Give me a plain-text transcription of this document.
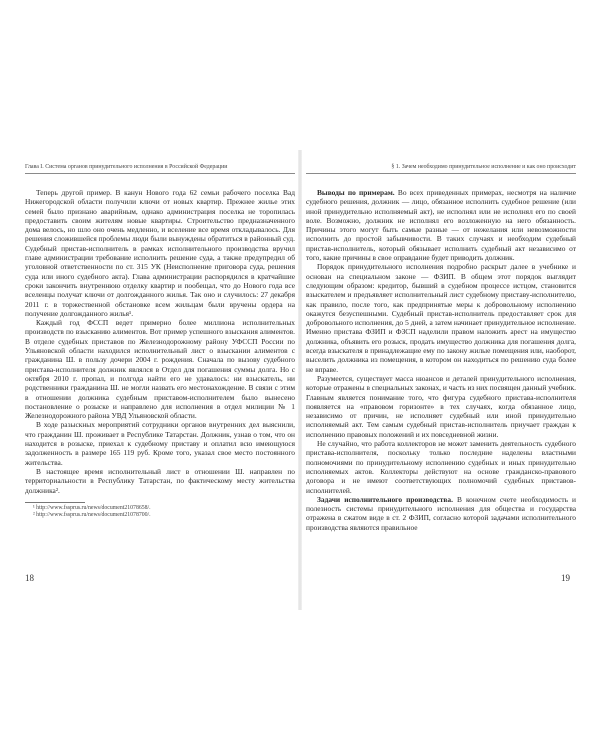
Глава I. Система органов принудительного исполнения в Российской Федерации

Теперь другой пример. В канун Нового года 62 семьи рабочего поселка Вад Нижегородской области получили ключи от новых квартир. Прежнее жилье этих семей было признано аварийным, однако администрация поселка не торопилась предоставить своим жителям новые квартиры. Строительство предназначенного дома велось, но шло оно очень медленно, и вселение все время откладывалось. Для решения сложившейся проблемы люди были вынуждены обратиться в районный суд. Судебный пристав-исполнитель в рамках исполнительного производства вручил главе администрации требование исполнить решение суда, а также предупредил об уголовной ответственности по ст. 315 УК (Неисполнение приговора суда, решения суда или иного судебного акта). Глава администрации распорядился в кратчайшие сроки закончить внутреннюю отделку квартир и пообещал, что до Нового года все вселенцы получат ключи от долгожданного жилья. Так оно и случилось: 27 декабря 2011 г. в торжественной обстановке всем жильцам были вручены ордера на получение долгожданного жилья¹.

Каждый год ФССП ведет примерно более миллиона исполнительных производств по взысканию алиментов. Вот пример успешного взыскания алиментов. В отделе судебных приставов по Железнодорожному району УФССП России по Ульяновской области находился исполнительный лист о взыскании алиментов с гражданина Ш. в пользу дочери 2004 г. рождения. Сначала по вызову судебного пристава-исполнителя должник являлся в Отдел для погашения суммы долга. Но с октября 2010 г. пропал, и полгода найти его не удавалось: ни взыскатель, ни родственники гражданина Ш. не могли назвать его местонахождение. В связи с этим в отношении должника судебным приставом-исполнителем было вынесено постановление о розыске и направлено для исполнения в отдел милиции № 1 Железнодорожного района УВД Ульяновской области.

В ходе разыскных мероприятий сотрудники органов внутренних дел выяснили, что гражданин Ш. проживает в Республике Татарстан. Должник, узнав о том, что он находится в розыске, приехал к судебному приставу и оплатил всю имеющуюся задолженность в размере 165 119 руб. Кроме того, указал свое место постоянного жительства.

В настоящее время исполнительный лист в отношении Ш. направлен по территориальности в Республику Татарстан, по фактическому месту жительства должника².

¹ http://www.fssprus.ru/news/document21078658/.
² http://www.fssprus.ru/news/document21078700/.
§ 1. Зачем необходимо принудительное исполнение и как оно происходит

Выводы по примерам. Во всех приведенных примерах, несмотря на наличие судебного решения, должник — лицо, обязанное исполнить судебное решение (или иной принудительно исполняемый акт), не исполнял или не исполнял его по своей воле. Возможно, должник не исполнял его возложенную на него обязанность. Причины этого могут быть самые разные — от нежелания или невозможности исполнить до простой забывчивости. В таких случаях и необходим судебный пристав-исполнитель, который обязывает исполнить судебный акт независимо от того, какие причины в свое оправдание будет приводить должник.

Порядок принудительного исполнения подробно раскрыт далее в учебнике и основан на специальном законе — ФЗИП. В общем этот порядок выглядит следующим образом: кредитор, бывший в судебном процессе истцом, становится взыскателем и предъявляет исполнительный лист судебному приставу-исполнителю, как правило, после того, как предпринятые меры к добровольному исполнению окажутся безуспешными. Судебный пристав-исполнитель предоставляет срок для добровольного исполнения, до 5 дней, а затем начинает принудительное исполнение. Именно пристава ФЗИП и ФЗСП наделили правом наложить арест на имущество должника, объявить его розыск, продать имущество должника для погашения долга, всегда взыскателя в принадлежащие ему по закону жилые помещения или, наоборот, выселить должника из помещения, в котором он находиться по решению суда более не вправе.

Разумеется, существует масса нюансов и деталей принудительного исполнения, которые отражены в специальных законах, и часть из них посвящен данный учебник. Главным является понимание того, что фигура судебного пристава-исполнителя появляется на «правовом горизонте» в тех случаях, когда обязанное лицо, независимо от причин, не исполняет судебный или иной принудительно исполняемый акт. Тем самым судебный пристав-исполнитель приучает граждан к исполнению правовых положений и их повседневной жизни.

Не случайно, что работа коллекторов не может заменить деятельность судебного пристава-исполнителя, поскольку только последние наделены властными полномочиями по принудительному исполнению судебных и иных принудительно исполняемых актов. Коллекторы действуют на основе гражданско-правового договора и не имеют соответствующих полномочий судебных приставов-исполнителей.

Задачи исполнительного производства. В конечном счете необходимость и полезность системы принудительного исполнения для общества и государства отражена в сжатом виде в ст. 2 ФЗИП, согласно которой задачами исполнительного производства являются правильное

18	19
